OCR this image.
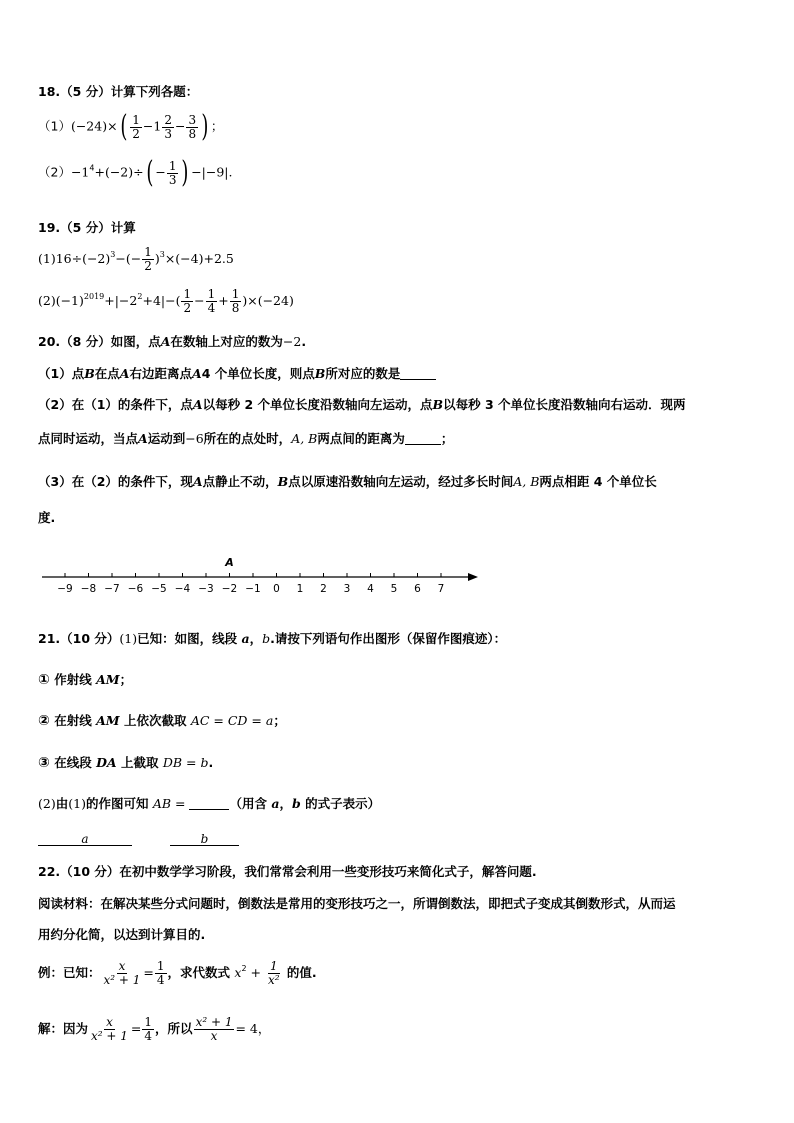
18.（5 分）计算下列各题：
$(1)(-24)\times( \frac{1}{2} -1 \frac{2}{3} - \frac{3}{8}$ ) ；
$(2)-1^4+(-2)\div( - \frac{1}{3}$ ) −|−9|.
19.（5 分）计算
$(1)16\div(-2)^3-(- \frac{1}{2} )^3\times(-4)+2.5$
$(2)(-1)^{2019}+|-2^2+4|-( \frac{1}{2} - \frac{1}{4} + \frac{1}{8} )\times(-24)$
20.（8 分）如图，点A在数轴上对应的数为−2.
（1）点B在点A右边距离点A4 个单位长度，则点B所对应的数是
（2）在（1）的条件下，点A以每秒 2 个单位长度沿数轴向左运动，点B以每秒 3 个单位长度沿数轴向右运动．现两
点同时运动，当点A运动到−6所在的点处时，A, B两点间的距离为	；
（3）在（2）的条件下，现A点静止不动，B点以原速沿数轴向左运动，经过多长时间A, B两点相距 4 个单位长
度.
−9 −8 −7 −6 −5 −4 −3 −2 −1 0 1 2 3 4 5 6 7
A
21.（10 分）(1)已知：如图，线段 a，b.请按下列语句作出图形（保留作图痕迹）：
① 作射线 AM；
② 在射线 AM 上依次截取 AC = CD = a；
③ 在线段 DA 上截取 DB = b.
(2)由(1)的作图可知 AB =	（用含 a，b 的式子表示）
a	b
22.（10 分）在初中数学学习阶段，我们常常会利用一些变形技巧来简化式子，解答问题.
阅读材料：在解决某些分式问题时，倒数法是常用的变形技巧之一，所谓倒数法，即把式子变成其倒数形式，从而运
用约分化简，以达到计算目的.
例：已知： $\frac{x}{\text{x² + 1}} = \frac{1}{4}$ ，求代数式 $x^2 + \frac{1}{\text{x²}}$ 的值.
解：因为 $\frac{x}{\text{x² + 1}} = \frac{1}{4}$ ，所以 $\frac{\text{x² + 1}}{x} = 4$，
